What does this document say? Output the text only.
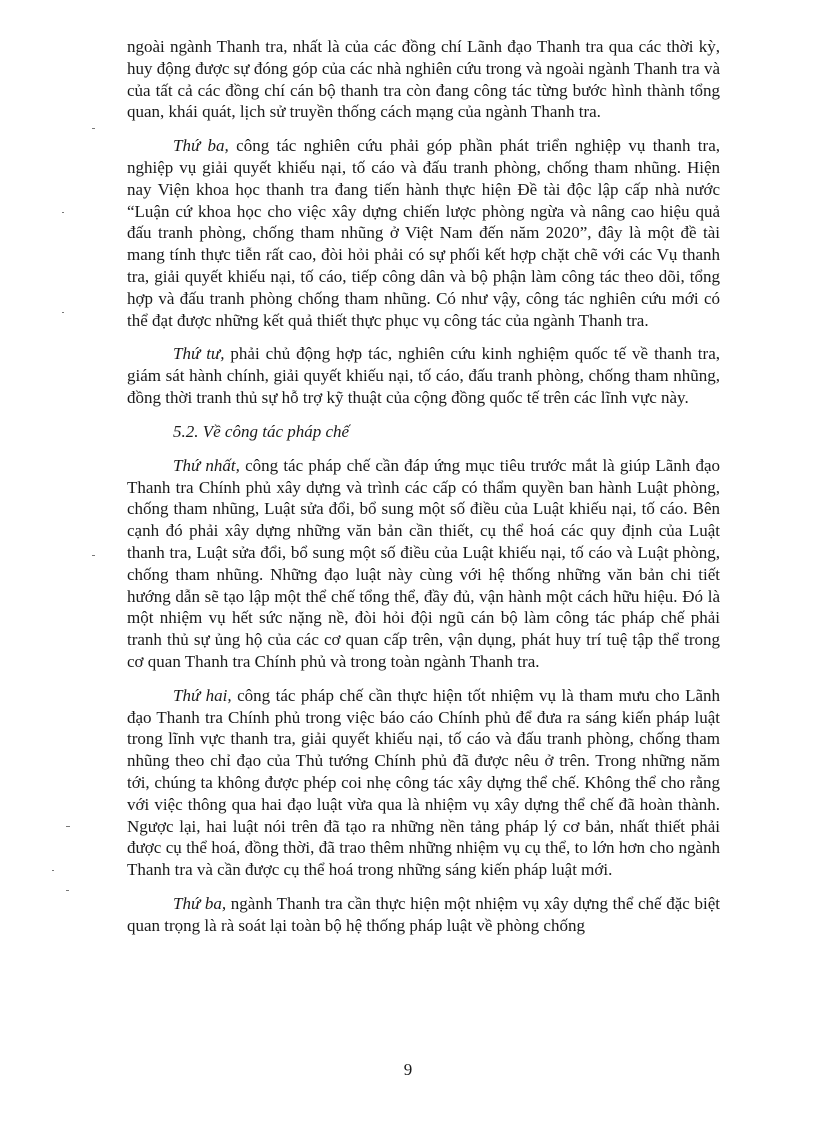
ngoài ngành Thanh tra, nhất là của các đồng chí Lãnh đạo Thanh tra qua các thời kỳ, huy động được sự đóng góp của các nhà nghiên cứu trong và ngoài ngành Thanh tra và của tất cả các đồng chí cán bộ thanh tra còn đang công tác từng bước hình thành tổng quan, khái quát, lịch sử truyền thống cách mạng của ngành Thanh tra.

Thứ ba, công tác nghiên cứu phải góp phần phát triển nghiệp vụ thanh tra, nghiệp vụ giải quyết khiếu nại, tố cáo và đấu tranh phòng, chống tham nhũng. Hiện nay Viện khoa học thanh tra đang tiến hành thực hiện Đề tài độc lập cấp nhà nước “Luận cứ khoa học cho việc xây dựng chiến lược phòng ngừa và nâng cao hiệu quả đấu tranh phòng, chống tham nhũng ở Việt Nam đến năm 2020”, đây là một đề tài mang tính thực tiễn rất cao, đòi hỏi phải có sự phối kết hợp chặt chẽ với các Vụ thanh tra, giải quyết khiếu nại, tố cáo, tiếp công dân và bộ phận làm công tác theo dõi, tổng hợp và đấu tranh phòng chống tham nhũng. Có như vậy, công tác nghiên cứu mới có thể đạt được những kết quả thiết thực phục vụ công tác của ngành Thanh tra.

Thứ tư, phải chủ động hợp tác, nghiên cứu kinh nghiệm quốc tế về thanh tra, giám sát hành chính, giải quyết khiếu nại, tố cáo, đấu tranh phòng, chống tham nhũng, đồng thời tranh thủ sự hỗ trợ kỹ thuật của cộng đồng quốc tế trên các lĩnh vực này.

5.2. Về công tác pháp chế

Thứ nhất, công tác pháp chế cần đáp ứng mục tiêu trước mắt là giúp Lãnh đạo Thanh tra Chính phủ xây dựng và trình các cấp có thẩm quyền ban hành Luật phòng, chống tham nhũng, Luật sửa đổi, bổ sung một số điều của Luật khiếu nại, tố cáo. Bên cạnh đó phải xây dựng những văn bản cần thiết, cụ thể hoá các quy định của Luật thanh tra, Luật sửa đổi, bổ sung một số điều của Luật khiếu nại, tố cáo và Luật phòng, chống tham nhũng. Những đạo luật này cùng với hệ thống những văn bản chi tiết hướng dẫn sẽ tạo lập một thể chế tổng thể, đầy đủ, vận hành một cách hữu hiệu. Đó là một nhiệm vụ hết sức nặng nề, đòi hỏi đội ngũ cán bộ làm công tác pháp chế phải tranh thủ sự ủng hộ của các cơ quan cấp trên, vận dụng, phát huy trí tuệ tập thể trong cơ quan Thanh tra Chính phủ và trong toàn ngành Thanh tra.

Thứ hai, công tác pháp chế cần thực hiện tốt nhiệm vụ là tham mưu cho Lãnh đạo Thanh tra Chính phủ trong việc báo cáo Chính phủ để đưa ra sáng kiến pháp luật trong lĩnh vực thanh tra, giải quyết khiếu nại, tố cáo và đấu tranh phòng, chống tham nhũng theo chỉ đạo của Thủ tướng Chính phủ đã được nêu ở trên. Trong những năm tới, chúng ta không được phép coi nhẹ công tác xây dựng thể chế. Không thể cho rằng với việc thông qua hai đạo luật vừa qua là nhiệm vụ xây dựng thể chế đã hoàn thành. Ngược lại, hai luật nói trên đã tạo ra những nền tảng pháp lý cơ bản, nhất thiết phải được cụ thể hoá, đồng thời, đã trao thêm những nhiệm vụ cụ thể, to lớn hơn cho ngành Thanh tra và cần được cụ thể hoá trong những sáng kiến pháp luật mới.

Thứ ba, ngành Thanh tra cần thực hiện một nhiệm vụ xây dựng thể chế đặc biệt quan trọng là rà soát lại toàn bộ hệ thống pháp luật về phòng chống

9
